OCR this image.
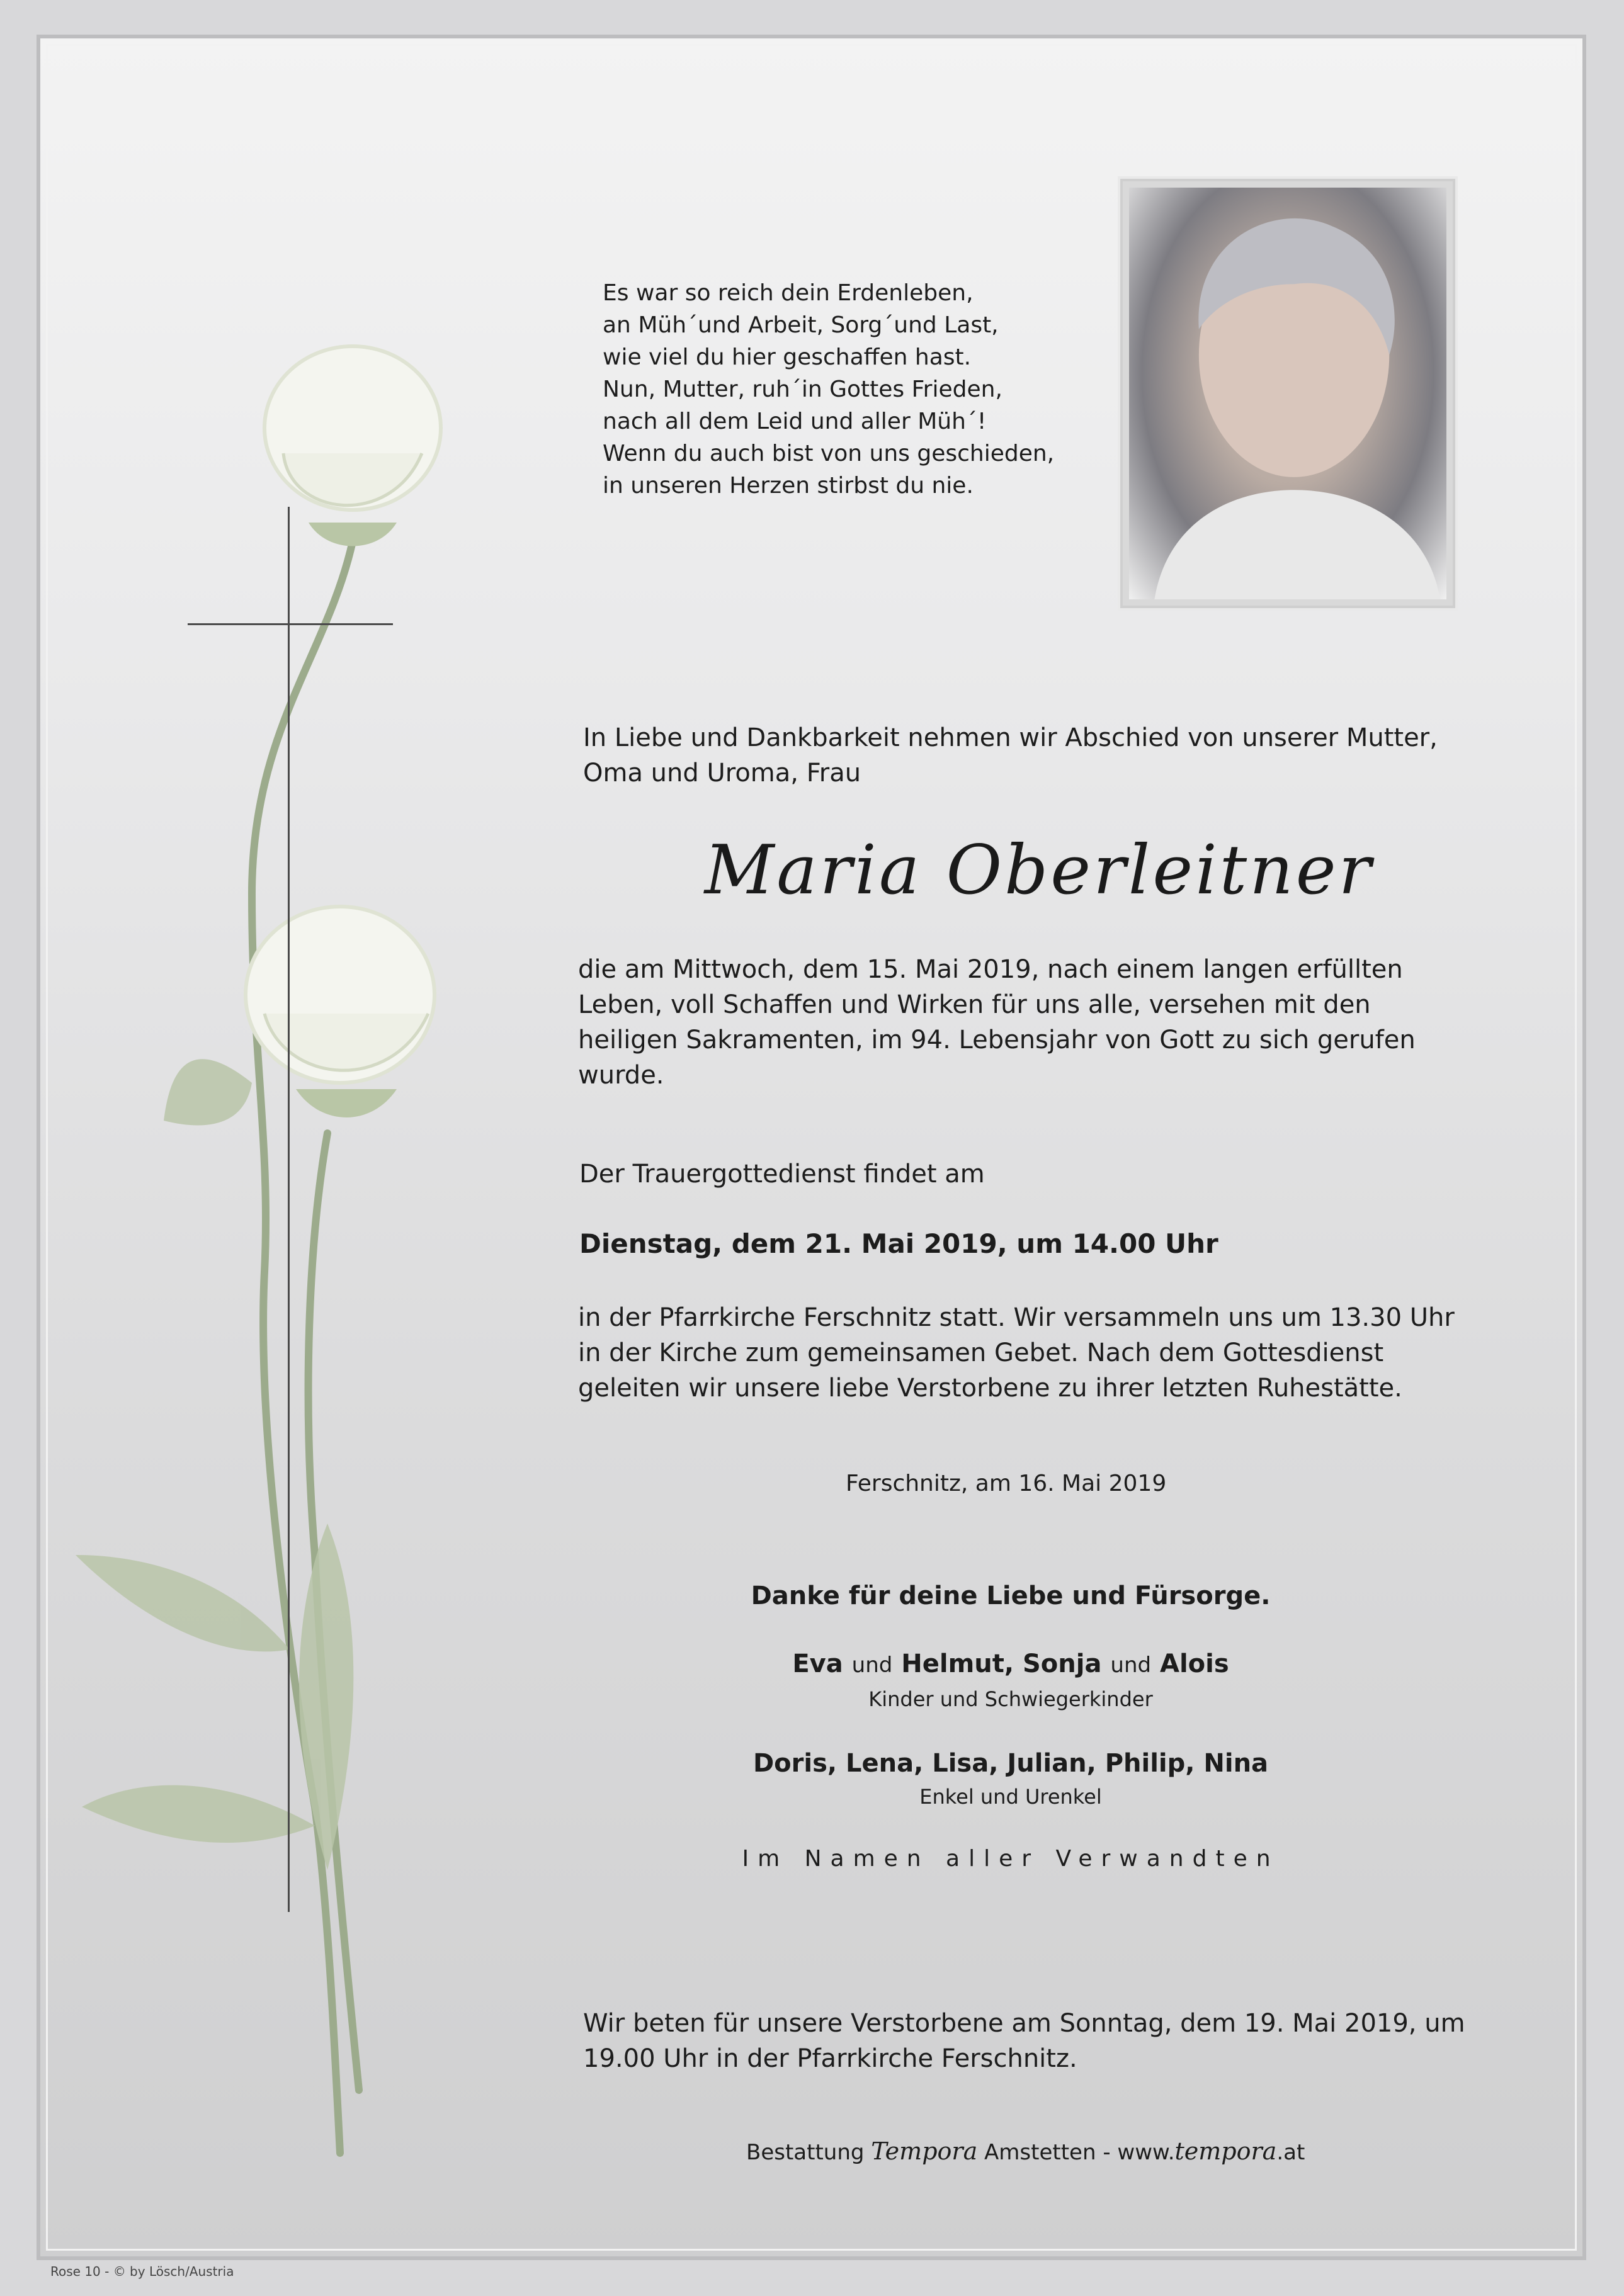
Es war so reich dein Erdenleben,
an Müh´und Arbeit, Sorg´und Last,
wie viel du hier geschaffen hast.
Nun, Mutter, ruh´in Gottes Frieden,
nach all dem Leid und aller Müh´!
Wenn du auch bist von uns geschieden,
in unseren Herzen stirbst du nie.
In Liebe und Dankbarkeit nehmen wir Abschied von unserer Mutter, Oma und Uroma, Frau
Maria Oberleitner
die am Mittwoch, dem 15. Mai 2019, nach einem langen erfüllten Leben, voll Schaffen und Wirken für uns alle, versehen mit den heiligen Sakramenten, im 94. Lebensjahr von Gott zu sich gerufen wurde.
Der Trauergottedienst findet am
Dienstag, dem 21. Mai 2019, um 14.00 Uhr
in der Pfarrkirche Ferschnitz statt. Wir versammeln uns um 13.30 Uhr in der Kirche zum gemeinsamen Gebet. Nach dem Gottesdienst geleiten wir unsere liebe Verstorbene zu ihrer letzten Ruhestätte.
Ferschnitz, am 16. Mai 2019
Danke für deine Liebe und Fürsorge.
Eva und Helmut, Sonja und Alois
Kinder und Schwiegerkinder
Doris, Lena, Lisa, Julian, Philip, Nina
Enkel und Urenkel
Im Namen aller Verwandten
Wir beten für unsere Verstorbene am Sonntag, dem 19. Mai 2019, um 19.00 Uhr in der Pfarrkirche Ferschnitz.
Bestattung Tempora Amstetten - www.tempora.at
Rose 10 - © by Lösch/Austria
